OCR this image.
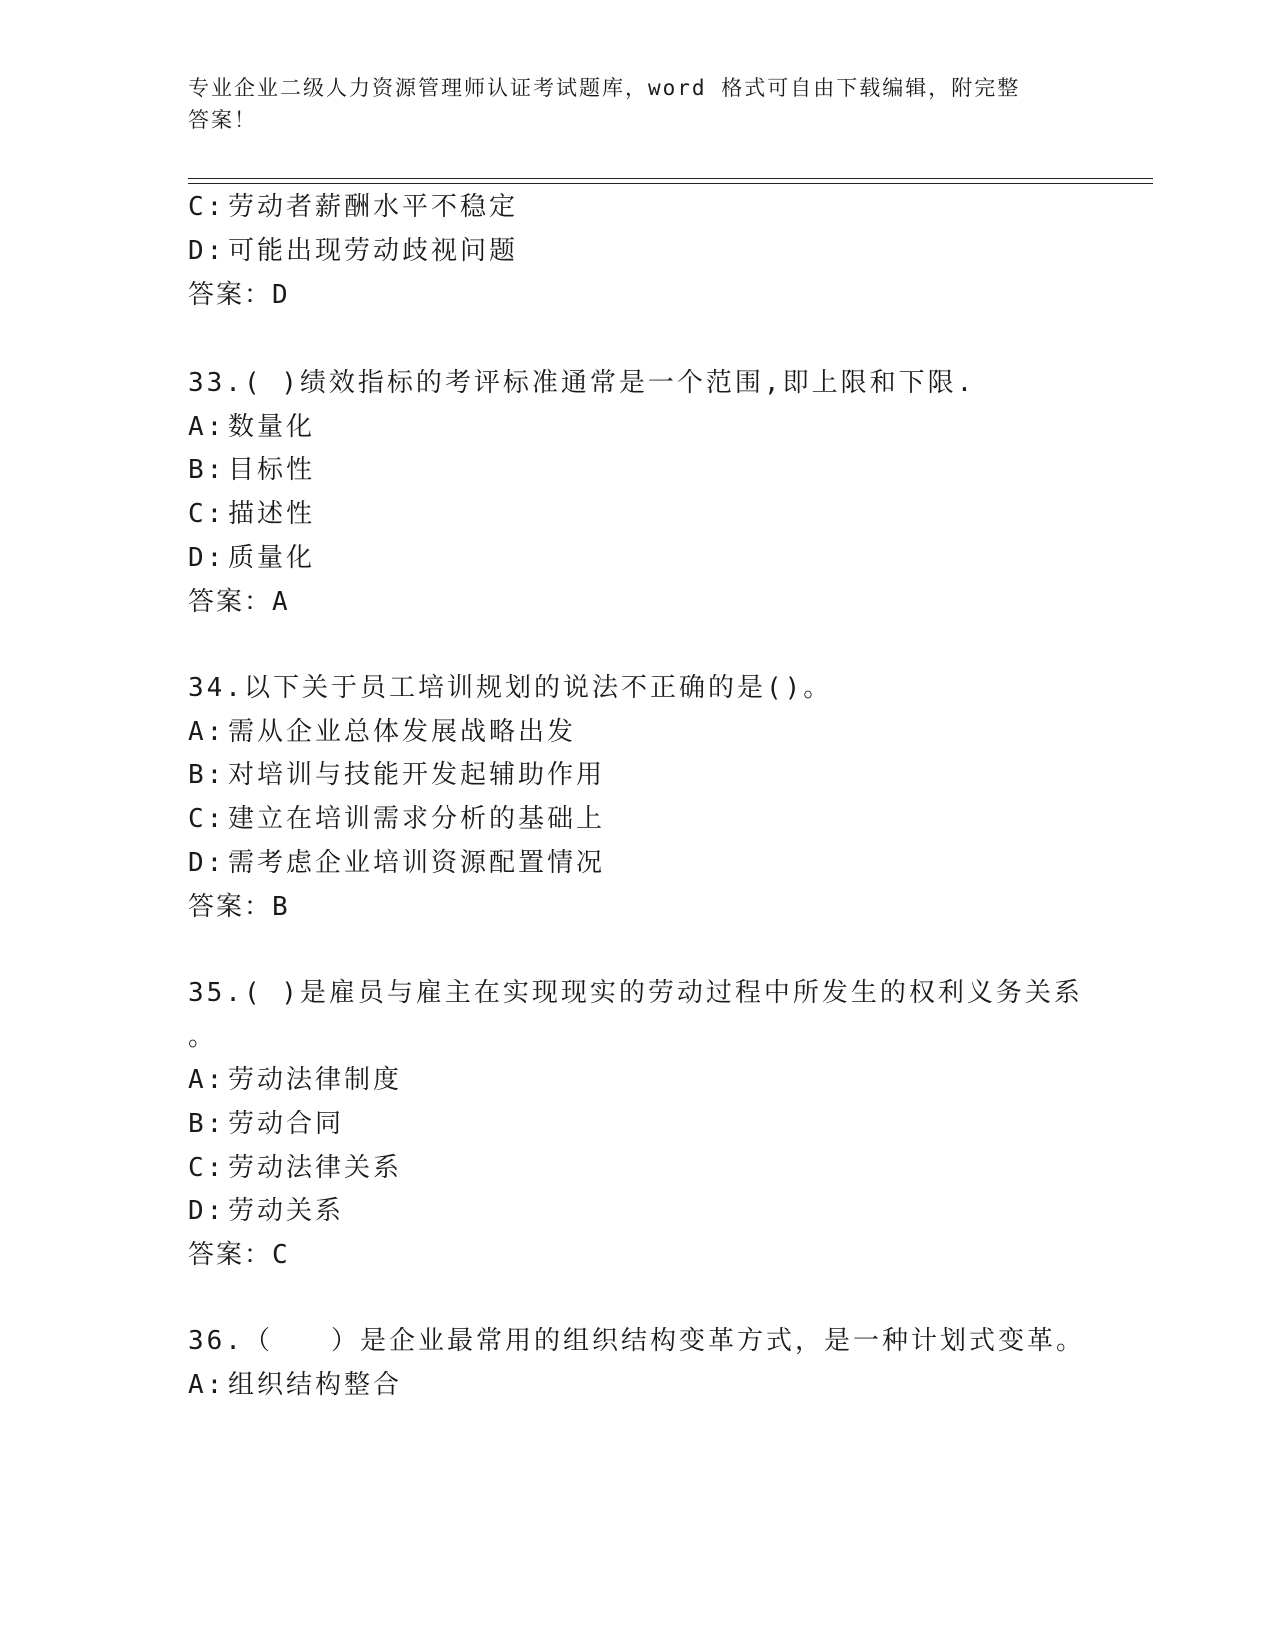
专业企业二级人力资源管理师认证考试题库，word 格式可自由下载编辑，附完整
答案！
C: 劳动者薪酬水平不稳定
D: 可能出现劳动歧视问题
答案：D
33.( )绩效指标的考评标准通常是一个范围,即上限和下限.
A: 数量化
B: 目标性
C: 描述性
D: 质量化
答案：A
34.以下关于员工培训规划的说法不正确的是()。
A: 需从企业总体发展战略出发
B: 对培训与技能开发起辅助作用
C: 建立在培训需求分析的基础上
D: 需考虑企业培训资源配置情况
答案：B
35.( )是雇员与雇主在实现现实的劳动过程中所发生的权利义务关系
。
A: 劳动法律制度
B: 劳动合同
C: 劳动法律关系
D: 劳动关系
答案：C
36.（　　）是企业最常用的组织结构变革方式，是一种计划式变革。
A: 组织结构整合
